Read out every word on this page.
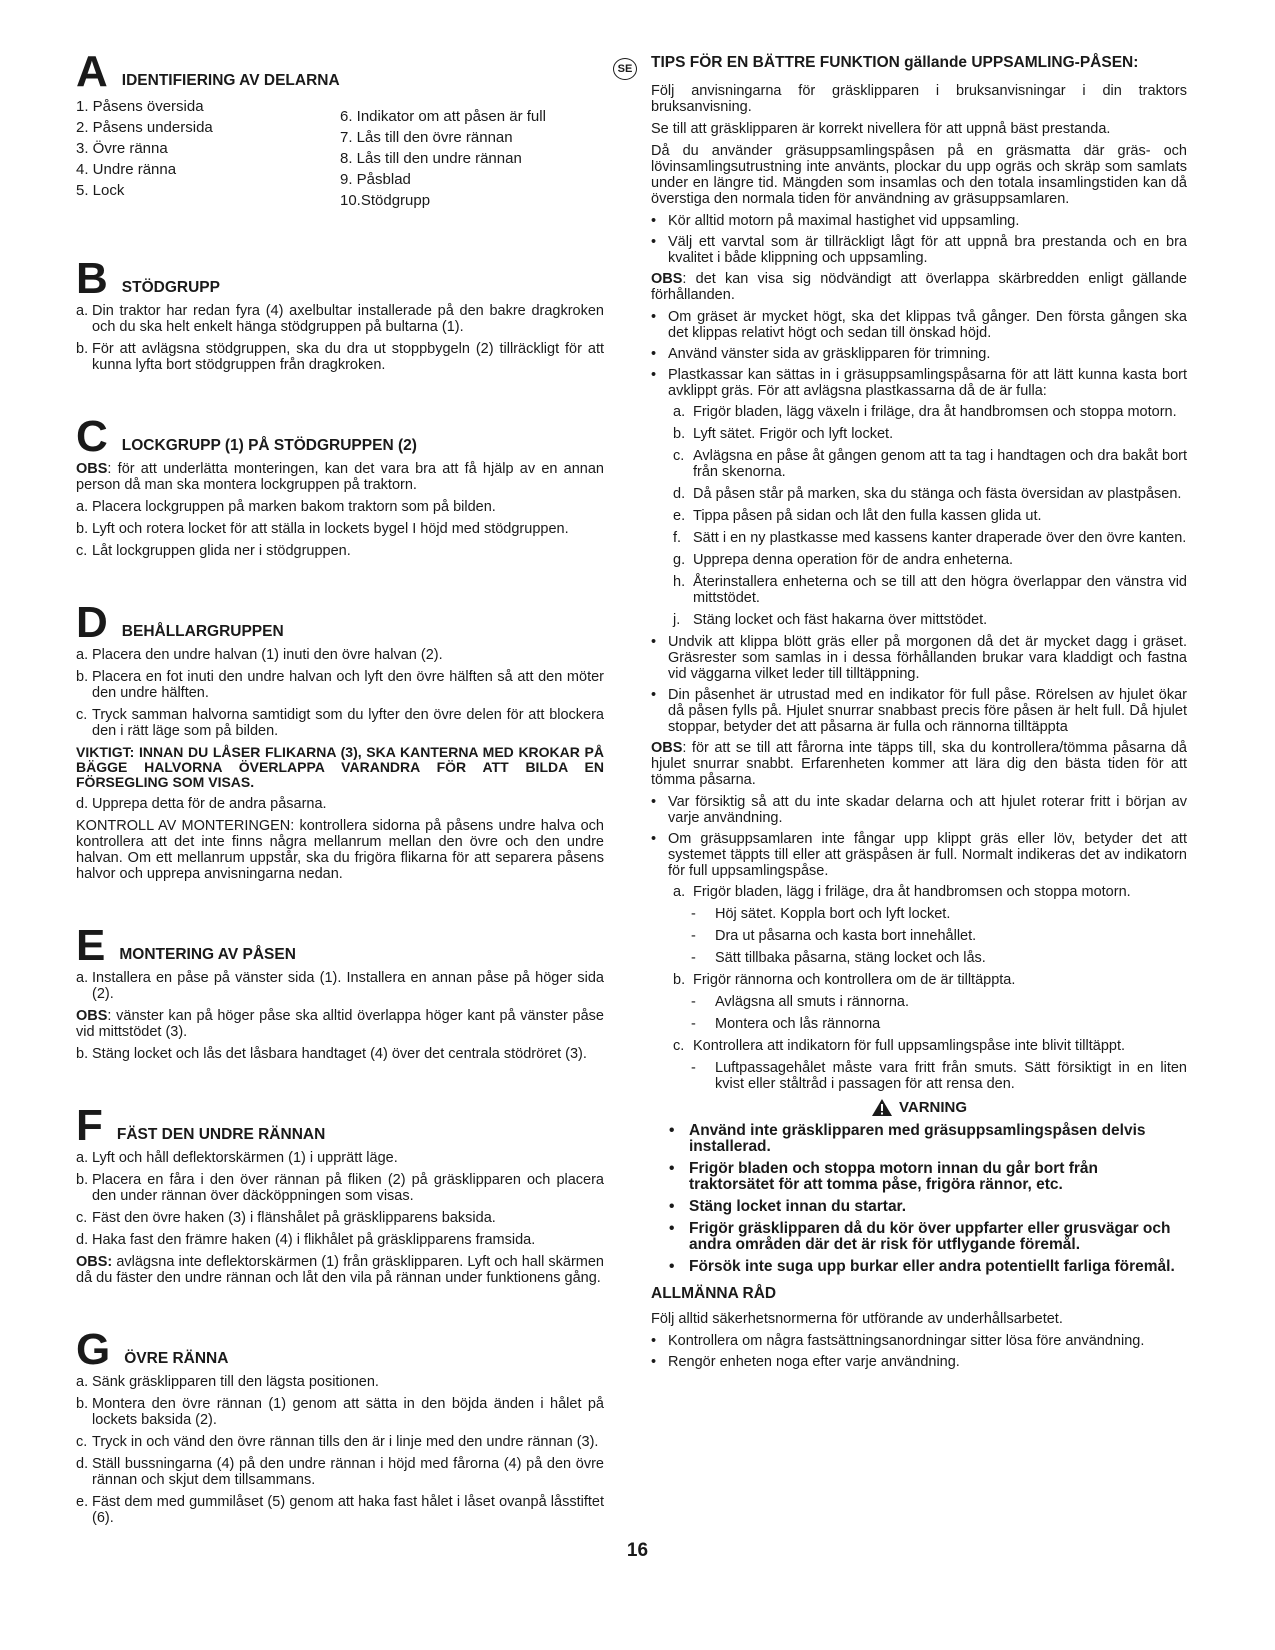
A IDENTIFIERING AV DELARNA
1. Påsens översida
2. Påsens undersida
3. Övre ränna
4. Undre ränna
5. Lock
6. Indikator om att påsen är full
7. Lås till den övre rännan
8. Lås till den undre rännan
9. Påsblad
10.Stödgrupp
B STÖDGRUPP
a. Din traktor har redan fyra (4) axelbultar installerade på den bakre dragkroken och du ska helt enkelt hänga stödgruppen på bultarna (1).
b. För att avlägsna stödgruppen, ska du dra ut stoppbygeln (2) tillräckligt för att kunna lyfta bort stödgruppen från dragkroken.
C LOCKGRUPP (1) PÅ STÖDGRUPPEN (2)

OBS: för att underlätta monteringen, kan det vara bra att få hjälp av en annan person då man ska montera lockgruppen på traktorn.

a. Placera lockgruppen på marken bakom traktorn som på bilden.
b. Lyft och rotera locket för att ställa in lockets bygel I höjd med stödgruppen.
c. Låt lockgruppen glida ner i stödgruppen.
D BEHÅLLARGRUPPEN
a. Placera den undre halvan (1) inuti den övre halvan (2).
b. Placera en fot inuti den undre halvan och lyft den övre hälften så att den möter den undre hälften.
c. Tryck samman halvorna samtidigt som du lyfter den övre delen för att blockera den i rätt läge som på bilden.

VIKTIGT: INNAN DU LÅSER FLIKARNA (3), SKA KANTERNA MED KROKAR PÅ BÄGGE HALVORNA ÖVERLAPPA VARANDRA FÖR ATT BILDA EN FÖRSEGLING SOM VISAS.

d. Upprepa detta för de andra påsarna.

KONTROLL AV MONTERINGEN: kontrollera sidorna på påsens undre halva och kontrollera att det inte finns några mellanrum mellan den övre och den undre halvan. Om ett mellanrum uppstår, ska du frigöra flikarna för att separera påsens halvor och upprepa anvisningarna nedan.

E MONTERING AV PÅSEN
a. Installera en påse på vänster sida (1). Installera en annan påse på höger sida (2).

OBS: vänster kan på höger påse ska alltid överlappa höger kant på vänster påse vid mittstödet (3).

b. Stäng locket och lås det låsbara handtaget (4) över det centrala stödröret (3).
F FÄST DEN UNDRE RÄNNAN
a. Lyft och håll deflektorskärmen (1) i upprätt läge.
b. Placera en fåra i den över rännan på fliken (2) på gräsklipparen och placera den under rännan över däcköppningen som visas.
c. Fäst den övre haken (3) i flänshålet på gräsklipparens baksida.
d. Haka fast den främre haken (4) i flikhålet på gräsklipparens framsida.

OBS: avlägsna inte deflektorskärmen (1) från gräsklipparen. Lyft och hall skärmen då du fäster den undre rännan och låt den vila på rännan under funktionens gång.

G ÖVRE RÄNNA
a. Sänk gräsklipparen till den lägsta positionen.
b. Montera den övre rännan (1) genom att sätta in den böjda änden i hålet på lockets baksida (2).
c. Tryck in och vänd den övre rännan tills den är i linje med den undre rännan (3).
d. Ställ bussningarna (4) på den undre rännan i höjd med fårorna (4) på den övre rännan och skjut dem tillsammans.
e. Fäst dem med gummilåset (5) genom att haka fast hålet i låset ovanpå låsstiftet (6).
SE	TIPS FÖR EN BÄTTRE FUNKTION gällande UPPSAMLING-PÅSEN:

Följ anvisningarna för gräsklipparen i bruksanvisningar i din traktors bruksanvisning.

Se till att gräsklipparen är korrekt nivellera för att uppnå bäst prestanda.

Då du använder gräsuppsamlingspåsen på en gräsmatta där gräs- och lövinsamlingsutrustning inte använts, plockar du upp ogräs och skräp som samlats under en längre tid. Mängden som insamlas och den totala insamlingstiden kan då överstiga den normala tiden för användning av gräsuppsamlaren.

• Kör alltid motorn på maximal hastighet vid uppsamling.
• Välj ett varvtal som är tillräckligt lågt för att uppnå bra prestanda och en bra kvalitet i både klippning och uppsamling.

OBS: det kan visa sig nödvändigt att överlappa skärbredden enligt gällande förhållanden.

• Om gräset är mycket högt, ska det klippas två gånger. Den första gången ska det klippas relativt högt och sedan till önskad höjd.
• Använd vänster sida av gräsklipparen för trimning.
• Plastkassar kan sättas in i gräsuppsamlingspåsarna för att lätt kunna kasta bort avklippt gräs. För att avlägsna plastkassarna då de är fulla:
a. Frigör bladen, lägg växeln i friläge, dra åt handbromsen och stoppa motorn.
b. Lyft sätet. Frigör och lyft locket.
c. Avlägsna en påse åt gången genom att ta tag i handtagen och dra bakåt bort från skenorna.
d. Då påsen står på marken, ska du stänga och fästa översidan av plastpåsen.
e. Tippa påsen på sidan och låt den fulla kassen glida ut.
f. Sätt i en ny plastkasse med kassens kanter draperade över den övre kanten.
g. Upprepa denna operation för de andra enheterna.
h. Återinstallera enheterna och se till att den högra överlappar den vänstra vid mittstödet.
j. Stäng locket och fäst hakarna över mittstödet.
• Undvik att klippa blött gräs eller på morgonen då det är mycket dagg i gräset. Gräsrester som samlas in i dessa förhållanden brukar vara kladdigt och fastna vid väggarna vilket leder till tilltäppning.
• Din påsenhet är utrustad med en indikator för full påse. Rörelsen av hjulet ökar då påsen fylls på. Hjulet snurrar snabbast precis före påsen är helt full. Då hjulet stoppar, betyder det att påsarna är fulla och rännorna tilltäppta

OBS: för att se till att fårorna inte täpps till, ska du kontrollera/tömma påsarna då hjulet snurrar snabbt. Erfarenheten kommer att lära dig den bästa tiden för att tömma påsarna.

• Var försiktig så att du inte skadar delarna och att hjulet roterar fritt i början av varje användning.
• Om gräsuppsamlaren inte fångar upp klippt gräs eller löv, betyder det att systemet täppts till eller att gräspåsen är full. Normalt indikeras det av indikatorn för full uppsamlingspåse.
a. Frigör bladen, lägg i friläge, dra åt handbromsen och stoppa motorn.
-	Höj sätet. Koppla bort och lyft locket.
-	Dra ut påsarna och kasta bort innehållet.
-	Sätt tillbaka påsarna, stäng locket och lås.
b. Frigör rännorna och kontrollera om de är tilltäppta.
-	Avlägsna all smuts i rännorna.
-	Montera och lås rännorna
c. Kontrollera att indikatorn för full uppsamlingspåse inte blivit tilltäppt.
-	Luftpassagehålet måste vara fritt från smuts. Sätt försiktigt in en liten kvist eller ståltråd i passagen för att rensa den.
VARNING
• Använd inte gräsklipparen med gräsuppsamlingspåsen delvis installerad.
• Frigör bladen och stoppa motorn innan du går bort från traktorsätet för att tomma påse, frigöra rännor, etc.
• Stäng locket innan du startar.
• Frigör gräsklipparen då du kör över uppfarter eller grusvägar och andra områden där det är risk för utflygande föremål.
• Försök inte suga upp burkar eller andra potentiellt farliga föremål.
ALLMÄNNA RÅD

Följ alltid säkerhetsnormerna för utförande av underhållsarbetet.

• Kontrollera om några fastsättningsanordningar sitter lösa före användning.
• Rengör enheten noga efter varje användning.
16
